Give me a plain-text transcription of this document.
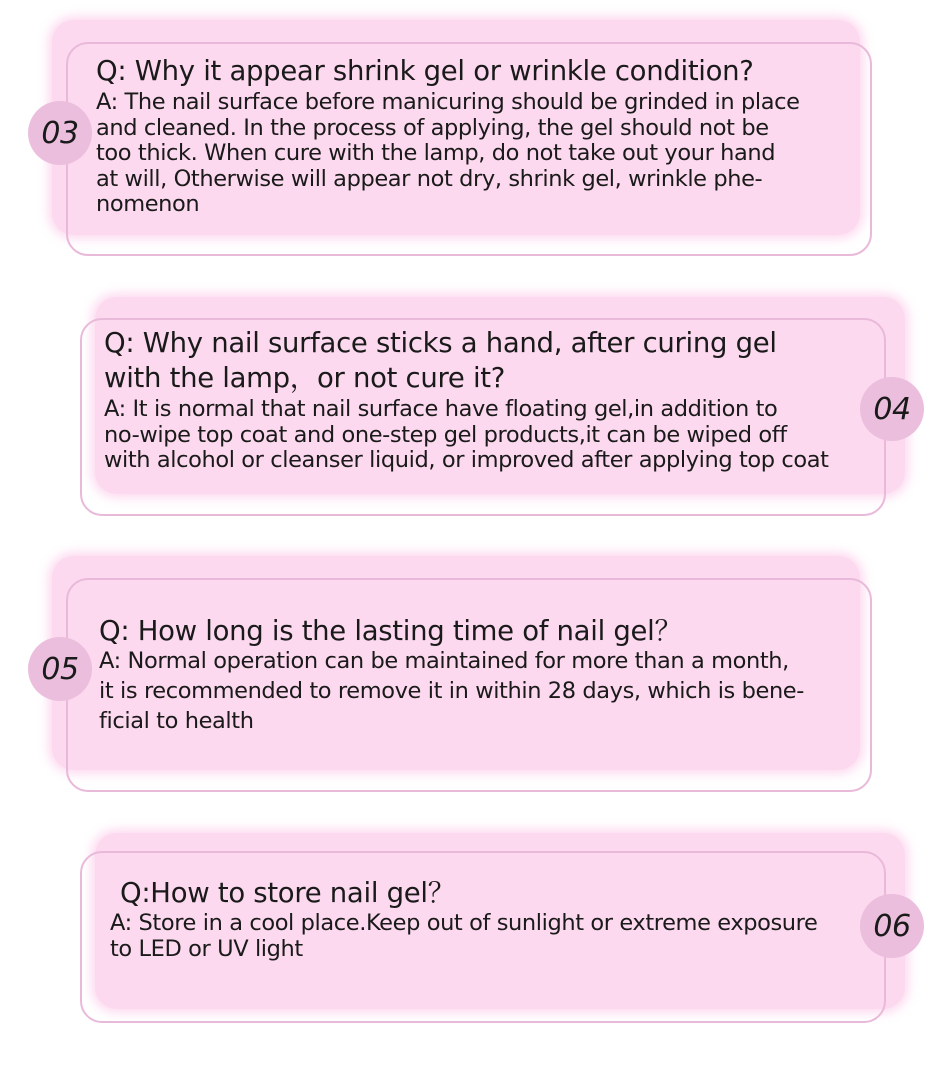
Q: Why it appear shrink gel or wrinkle condition?

A: The nail surface before manicuring should be grinded in place

and cleaned. In the process of applying, the gel should not be

too thick. When cure with the lamp, do not take out your hand

at will, Otherwise will appear not dry, shrink gel, wrinkle phe-

nomenon

03

Q: Why nail surface sticks a hand, after curing gel

with the lamp，or not cure it?

A: It is normal that nail surface have floating gel,in addition to

no-wipe top coat and one-step gel products,it can be wiped off

with alcohol or cleanser liquid, or improved after applying top coat

04

Q: How long is the lasting time of nail gel？

A: Normal operation can be maintained for more than a month,

it is recommended to remove it in within 28 days, which is bene-

ficial to health

05

Q:How to store nail gel？

A: Store in a cool place.Keep out of sunlight or extreme exposure

to LED or UV light

06
